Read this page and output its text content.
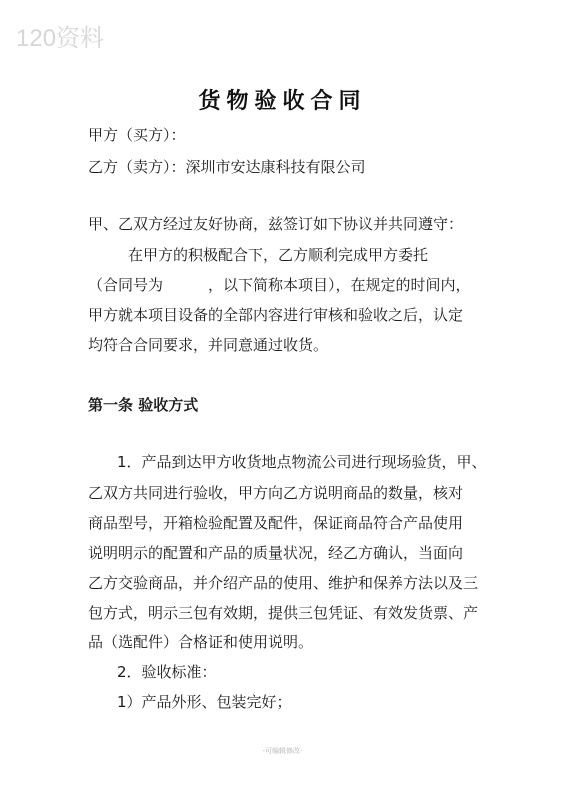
120资料
货物验收合同
甲方（买方）：
乙方（卖方）：深圳市安达康科技有限公司
甲、乙双方经过友好协商，兹签订如下协议并共同遵守：
在甲方的积极配合下，乙方顺利完成甲方委托
（合同号为　　　，以下简称本项目），在规定的时间内，
甲方就本项目设备的全部内容进行审核和验收之后，认定
均符合合同要求，并同意通过收货。
第一条 验收方式
1．产品到达甲方收货地点物流公司进行现场验货，甲、
乙双方共同进行验收，甲方向乙方说明商品的数量，核对
商品型号，开箱检验配置及配件，保证商品符合产品使用
说明明示的配置和产品的质量状况，经乙方确认，当面向
乙方交验商品，并介绍产品的使用、维护和保养方法以及三
包方式，明示三包有效期，提供三包凭证、有效发货票、产
品（选配件）合格证和使用说明。
2．验收标准：
1）产品外形、包装完好；
-可编辑修改-
